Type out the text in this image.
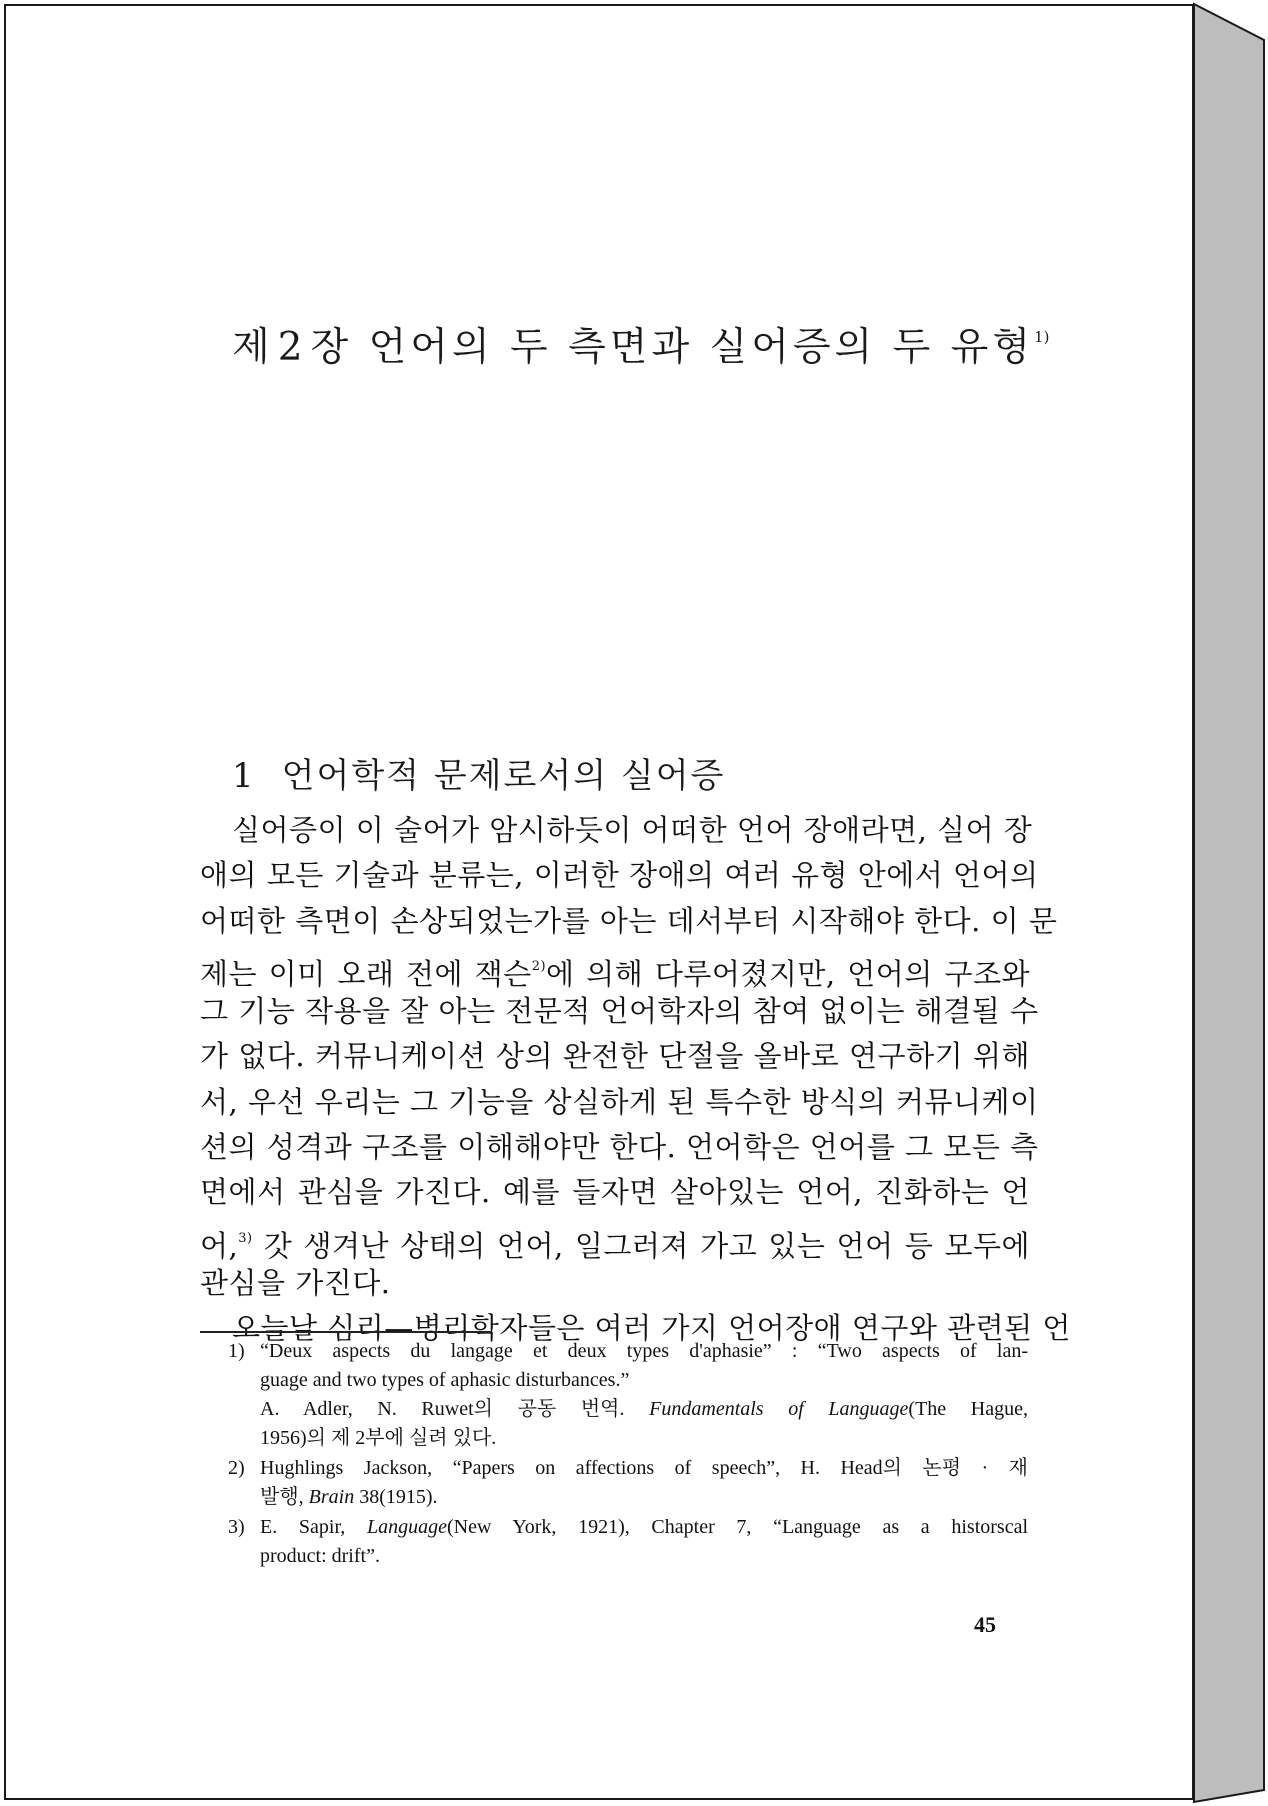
제 2 장 언어의 두 측면과 실어증의 두 유형$^{1)}$
1 언어학적 문제로서의 실어증
실어증이 이 술어가 암시하듯이 어떠한 언어 장애라면, 실어 장
애의 모든 기술과 분류는, 이러한 장애의 여러 유형 안에서 언어의
어떠한 측면이 손상되었는가를 아는 데서부터 시작해야 한다. 이 문
제는 이미 오래 전에 잭슨$^{2)}$에 의해 다루어졌지만, 언어의 구조와
그 기능 작용을 잘 아는 전문적 언어학자의 참여 없이는 해결될 수
가 없다. 커뮤니케이션 상의 완전한 단절을 올바로 연구하기 위해
서, 우선 우리는 그 기능을 상실하게 된 특수한 방식의 커뮤니케이
션의 성격과 구조를 이해해야만 한다. 언어학은 언어를 그 모든 측
면에서 관심을 가진다. 예를 들자면 살아있는 언어, 진화하는 언
어,$^{3)}$ 갓 생겨난 상태의 언어, 일그러져 가고 있는 언어 등 모두에
관심을 가진다.
오늘날 심리—병리학자들은 여러 가지 언어장애 연구와 관련된 언
1) “Deux aspects du langage et deux types d'aphasie” : “Two aspects of lan-
guage and two types of aphasic disturbances.”
A. Adler, N. Ruwet의 공동 번역. Fundamentals of Language(The Hague,
1956)의 제 2부에 실려 있다.
2) Hughlings Jackson, “Papers on affections of speech”, H. Head의 논평 · 재
발행, Brain 38(1915).
3) E. Sapir, Language(New York, 1921), Chapter 7, “Language as a historscal
product: drift”.
45
